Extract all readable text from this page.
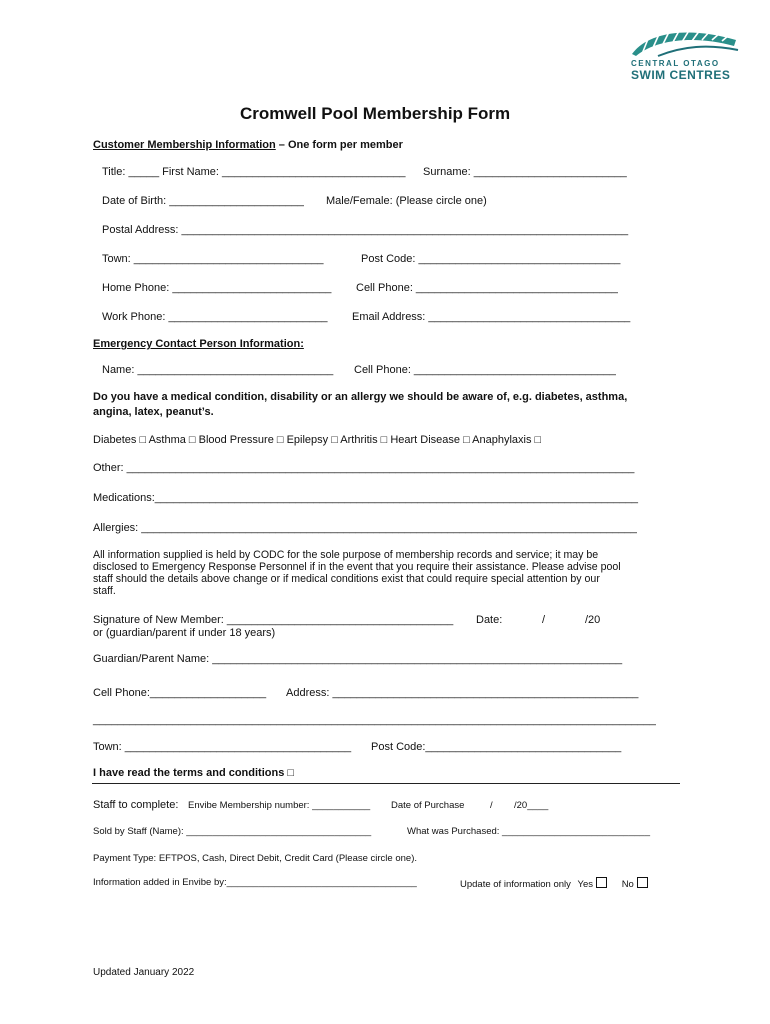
CENTRAL OTAGO
SWIM CENTRES
Cromwell Pool Membership Form
Customer Membership Information – One form per member
Title: _____ First Name: ______________________________ Surname: _________________________
Date of Birth: ______________________ Male/Female: (Please circle one)
Postal Address: _________________________________________________________________________
Town: _______________________________	Post Code: _________________________________
Home Phone: __________________________ Cell Phone: _________________________________
Work Phone: __________________________ Email Address: _________________________________
Emergency Contact Person Information:
Name: ________________________________ Cell Phone: _________________________________
Do you have a medical condition, disability or an allergy we should be aware of, e.g. diabetes, asthma,
angina, latex, peanut’s.
Diabetes □ Asthma □ Blood Pressure □ Epilepsy □ Arthritis □ Heart Disease □ Anaphylaxis □
Other: ___________________________________________________________________________________
Medications:_______________________________________________________________________________
Allergies: _________________________________________________________________________________
All information supplied is held by CODC for the sole purpose of membership records and service; it may be
disclosed to Emergency Response Personnel if in the event that you require their assistance. Please advise pool
staff should the details above change or if medical conditions exist that could require special attention by our
staff.
Signature of New Member: _____________________________________ Date:	/	/20
or (guardian/parent if under 18 years)
Guardian/Parent Name: ___________________________________________________________________
Cell Phone:___________________ Address: __________________________________________________
____________________________________________________________________________________________
Town: _____________________________________ Post Code:________________________________
I have read the terms and conditions □
Staff to complete: Envibe Membership number: ___________ Date of Purchase	/ /20____
Sold by Staff (Name): ___________________________________	What was Purchased: ____________________________
Payment Type: EFTPOS, Cash, Direct Debit, Credit Card (Please circle one).
Information added in Envibe by:____________________________________	Update of information only Yes	No
Updated January 2022
